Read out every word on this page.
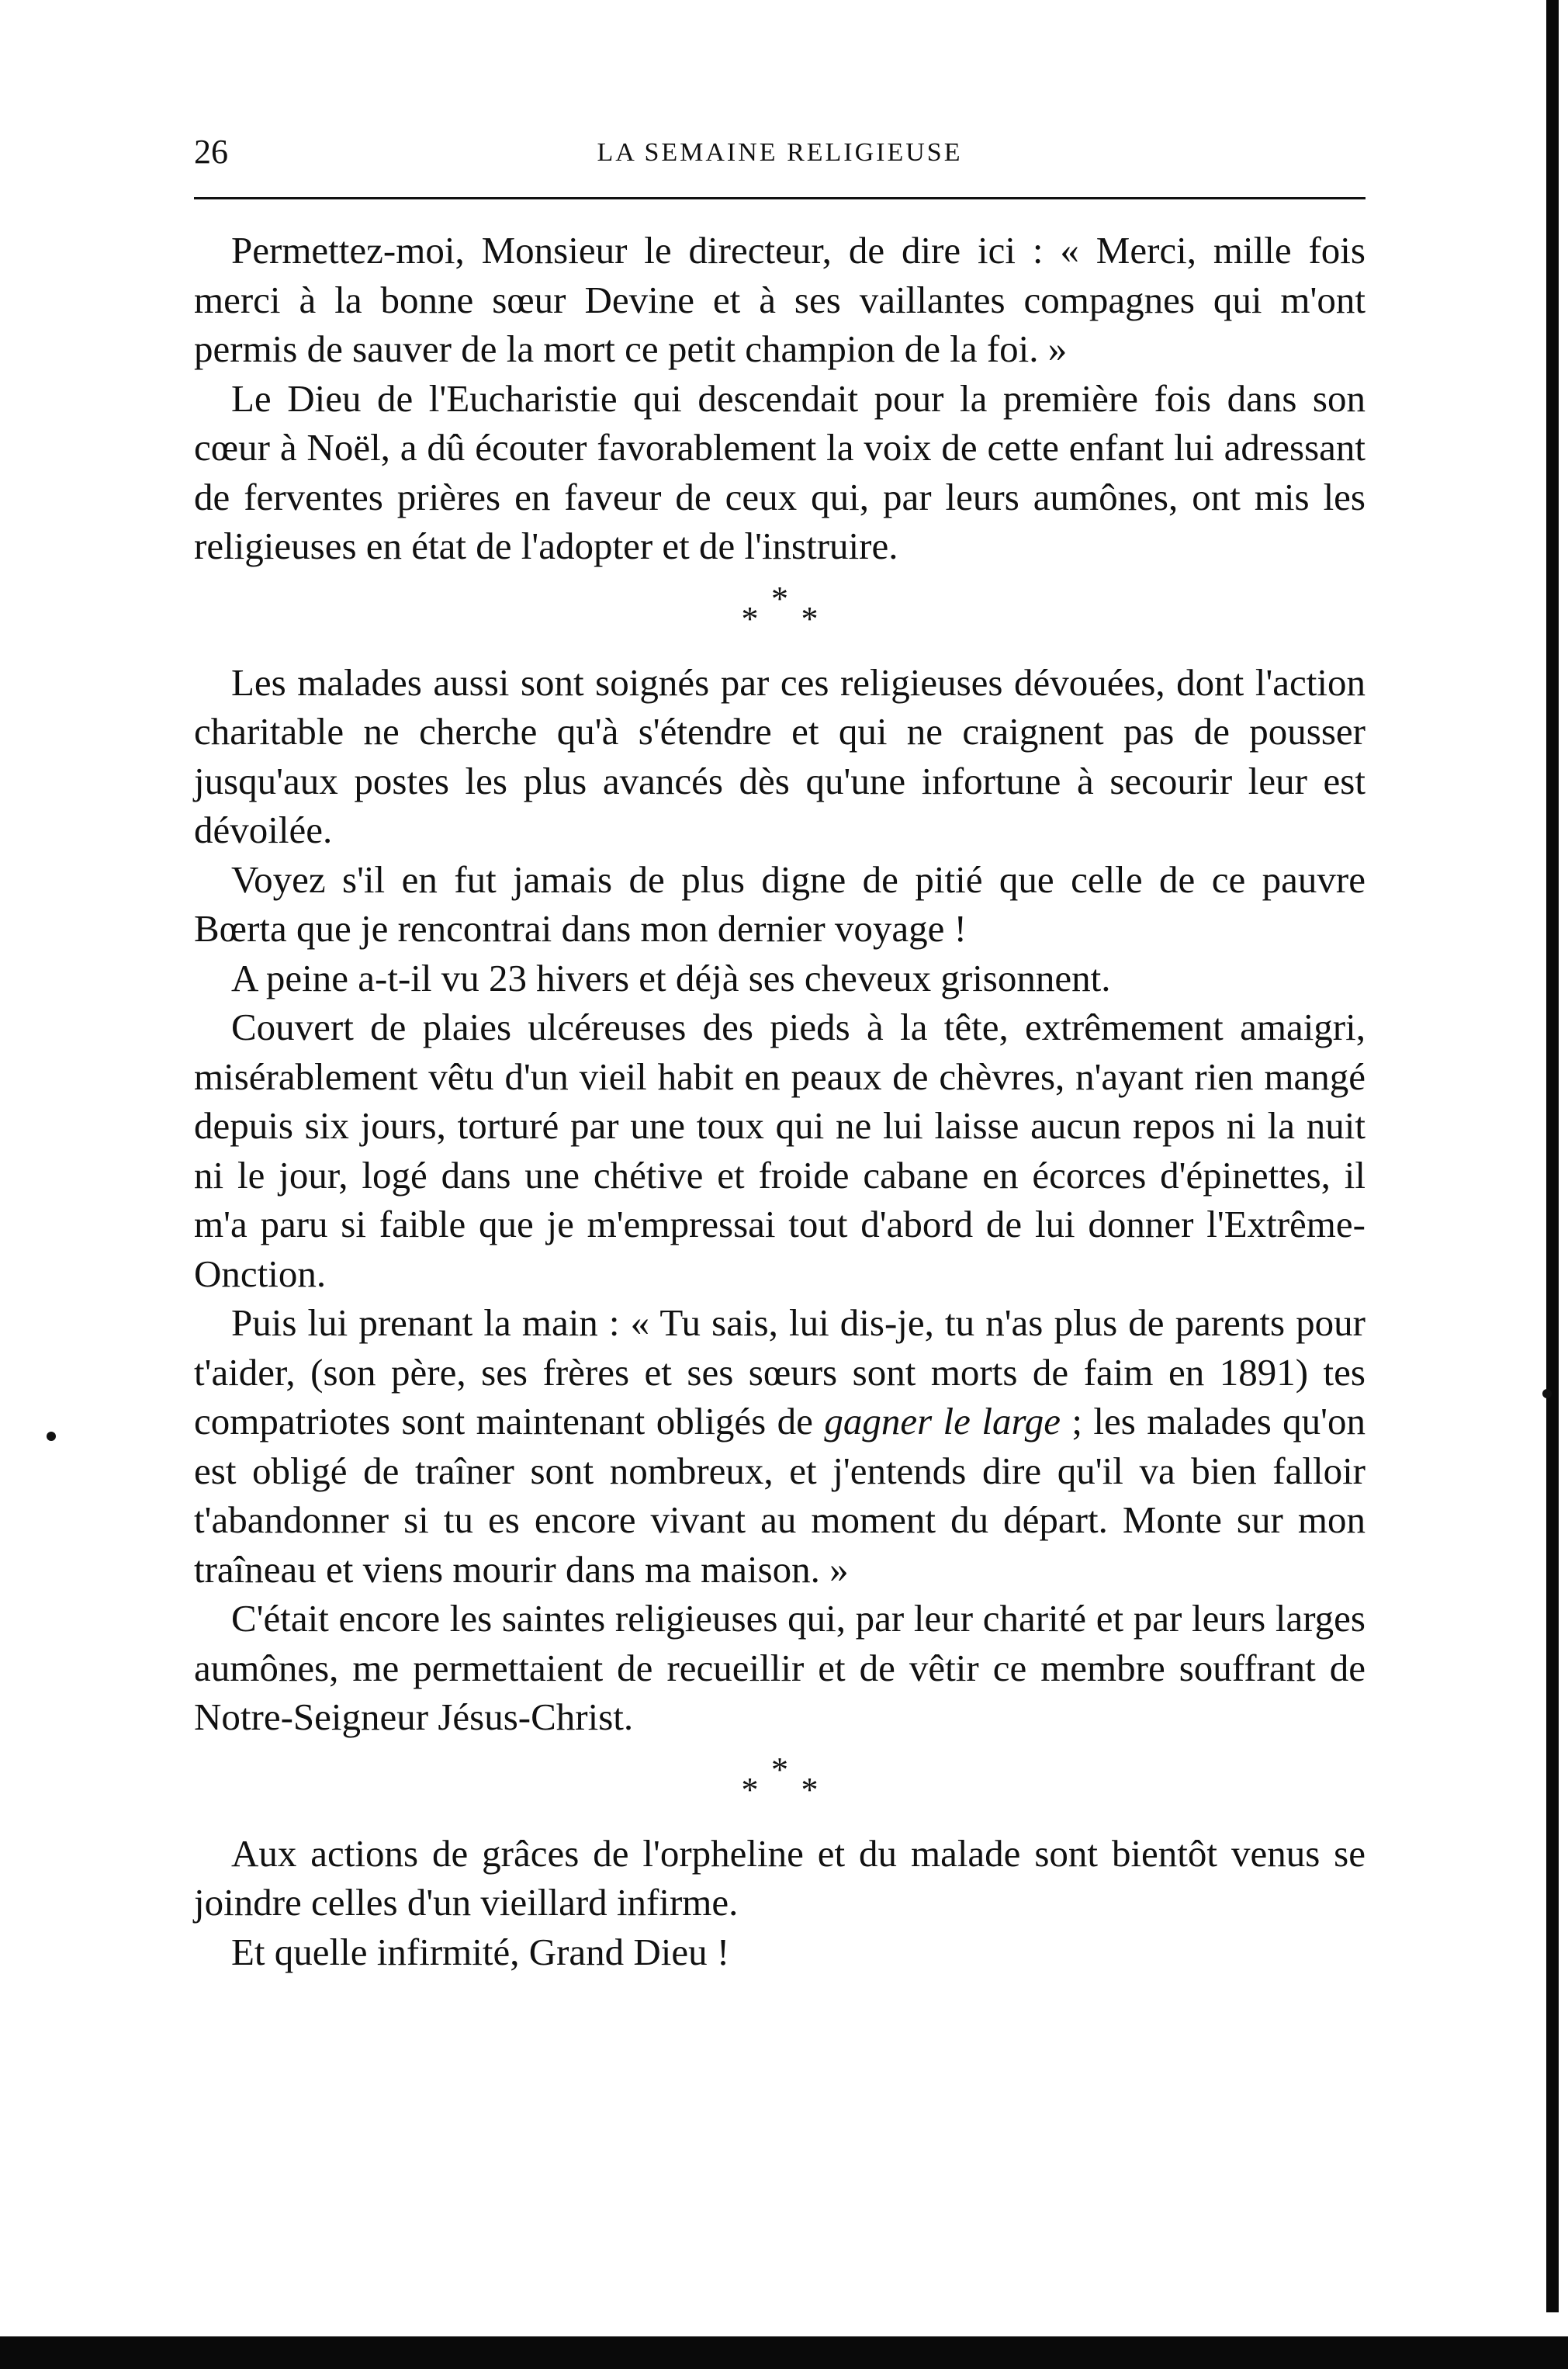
26	LA SEMAINE RELIGIEUSE

Permettez-moi, Monsieur le directeur, de dire ici : « Merci, mille fois merci à la bonne sœur Devine et à ses vaillantes compagnes qui m'ont permis de sauver de la mort ce petit champion de la foi. »

Le Dieu de l'Eucharistie qui descendait pour la première fois dans son cœur à Noël, a dû écouter favorablement la voix de cette enfant lui adressant de ferventes prières en faveur de ceux qui, par leurs aumônes, ont mis les religieuses en état de l'adopter et de l'instruire.

*
* *

Les malades aussi sont soignés par ces religieuses dévouées, dont l'action charitable ne cherche qu'à s'étendre et qui ne craignent pas de pousser jusqu'aux postes les plus avancés dès qu'une infortune à secourir leur est dévoilée.

Voyez s'il en fut jamais de plus digne de pitié que celle de ce pauvre Bœrta que je rencontrai dans mon dernier voyage !

A peine a-t-il vu 23 hivers et déjà ses cheveux grisonnent.

Couvert de plaies ulcéreuses des pieds à la tête, extrêmement amaigri, misérablement vêtu d'un vieil habit en peaux de chèvres, n'ayant rien mangé depuis six jours, torturé par une toux qui ne lui laisse aucun repos ni la nuit ni le jour, logé dans une chétive et froide cabane en écorces d'épinettes, il m'a paru si faible que je m'empressai tout d'abord de lui donner l'Extrême-Onction.

Puis lui prenant la main : « Tu sais, lui dis-je, tu n'as plus de parents pour t'aider, (son père, ses frères et ses sœurs sont morts de faim en 1891) tes compatriotes sont maintenant obligés de gagner le large ; les malades qu'on est obligé de traîner sont nombreux, et j'entends dire qu'il va bien falloir t'abandonner si tu es encore vivant au moment du départ. Monte sur mon traîneau et viens mourir dans ma maison. »

C'était encore les saintes religieuses qui, par leur charité et par leurs larges aumônes, me permettaient de recueillir et de vêtir ce membre souffrant de Notre-Seigneur Jésus-Christ.

*
* *

Aux actions de grâces de l'orpheline et du malade sont bientôt venus se joindre celles d'un vieillard infirme.

Et quelle infirmité, Grand Dieu !
